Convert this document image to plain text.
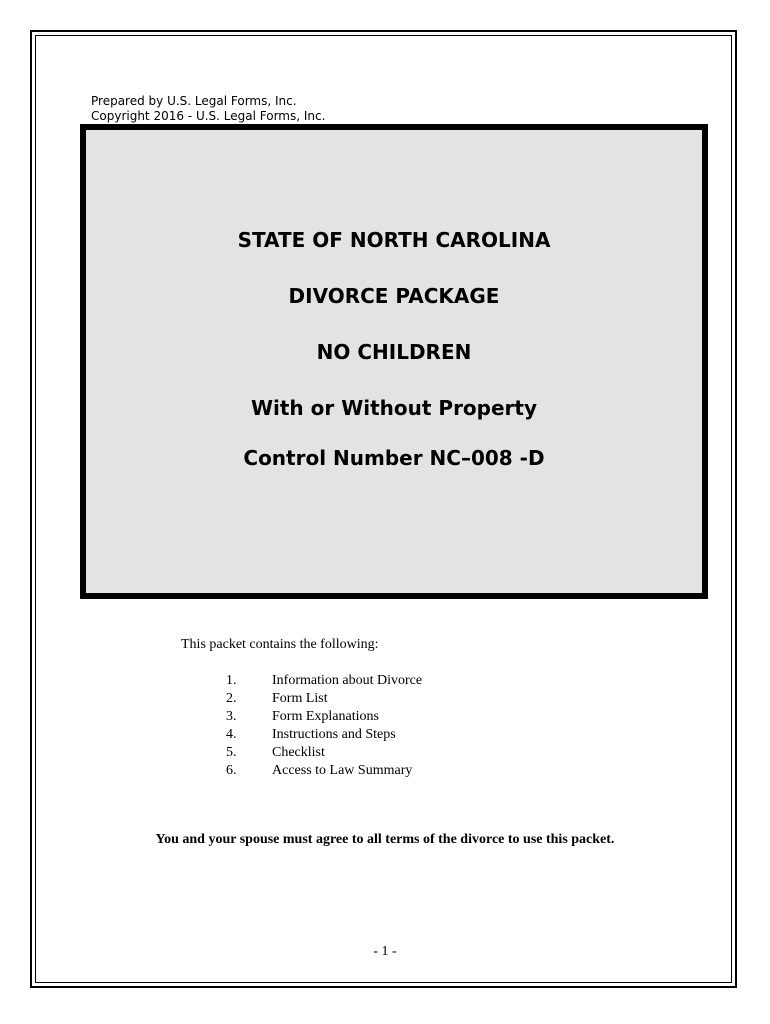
Prepared by U.S. Legal Forms, Inc.
Copyright 2016 - U.S. Legal Forms, Inc.
STATE OF NORTH CAROLINA
DIVORCE PACKAGE
NO CHILDREN
With or Without Property
Control Number NC–008 -D
This packet contains the following:
1.	Information about Divorce
2.	Form List
3.	Form Explanations
4.	Instructions and Steps
5.	Checklist
6.	Access to Law Summary
You and your spouse must agree to all terms of the divorce to use this packet.
- 1 -
